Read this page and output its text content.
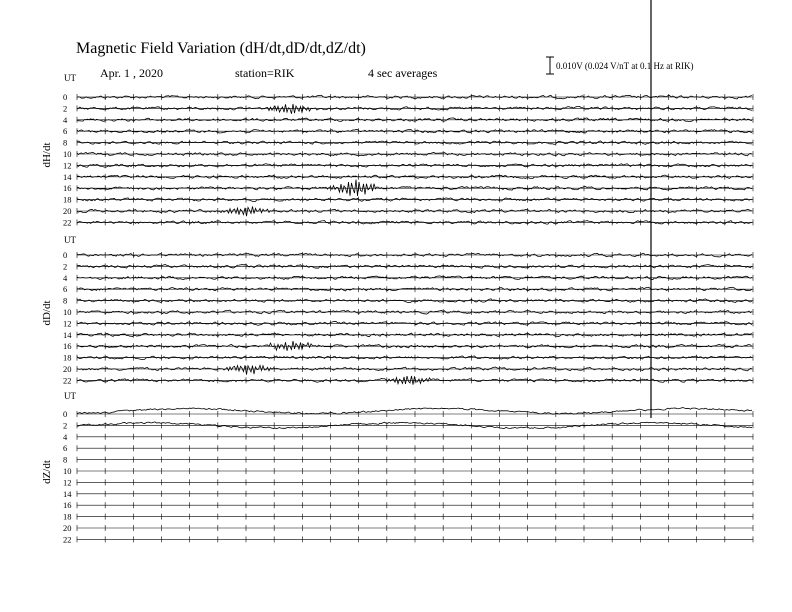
Magnetic Field Variation (dH/dt,dD/dt,dZ/dt)
Apr. 1 , 2020	station=RIK	4 sec averages	0.010V (0.024 V/nT at 0.1 Hz at RIK)
UT
dH/dt
0
2
4
6
8
10
12
14
16
18
20
22
UT
dD/dt
0
2
4
6
8
10
12
14
16
18
20
22
UT
dZ/dt
0
2
4
6
8
10
12
14
16
18
20
22
